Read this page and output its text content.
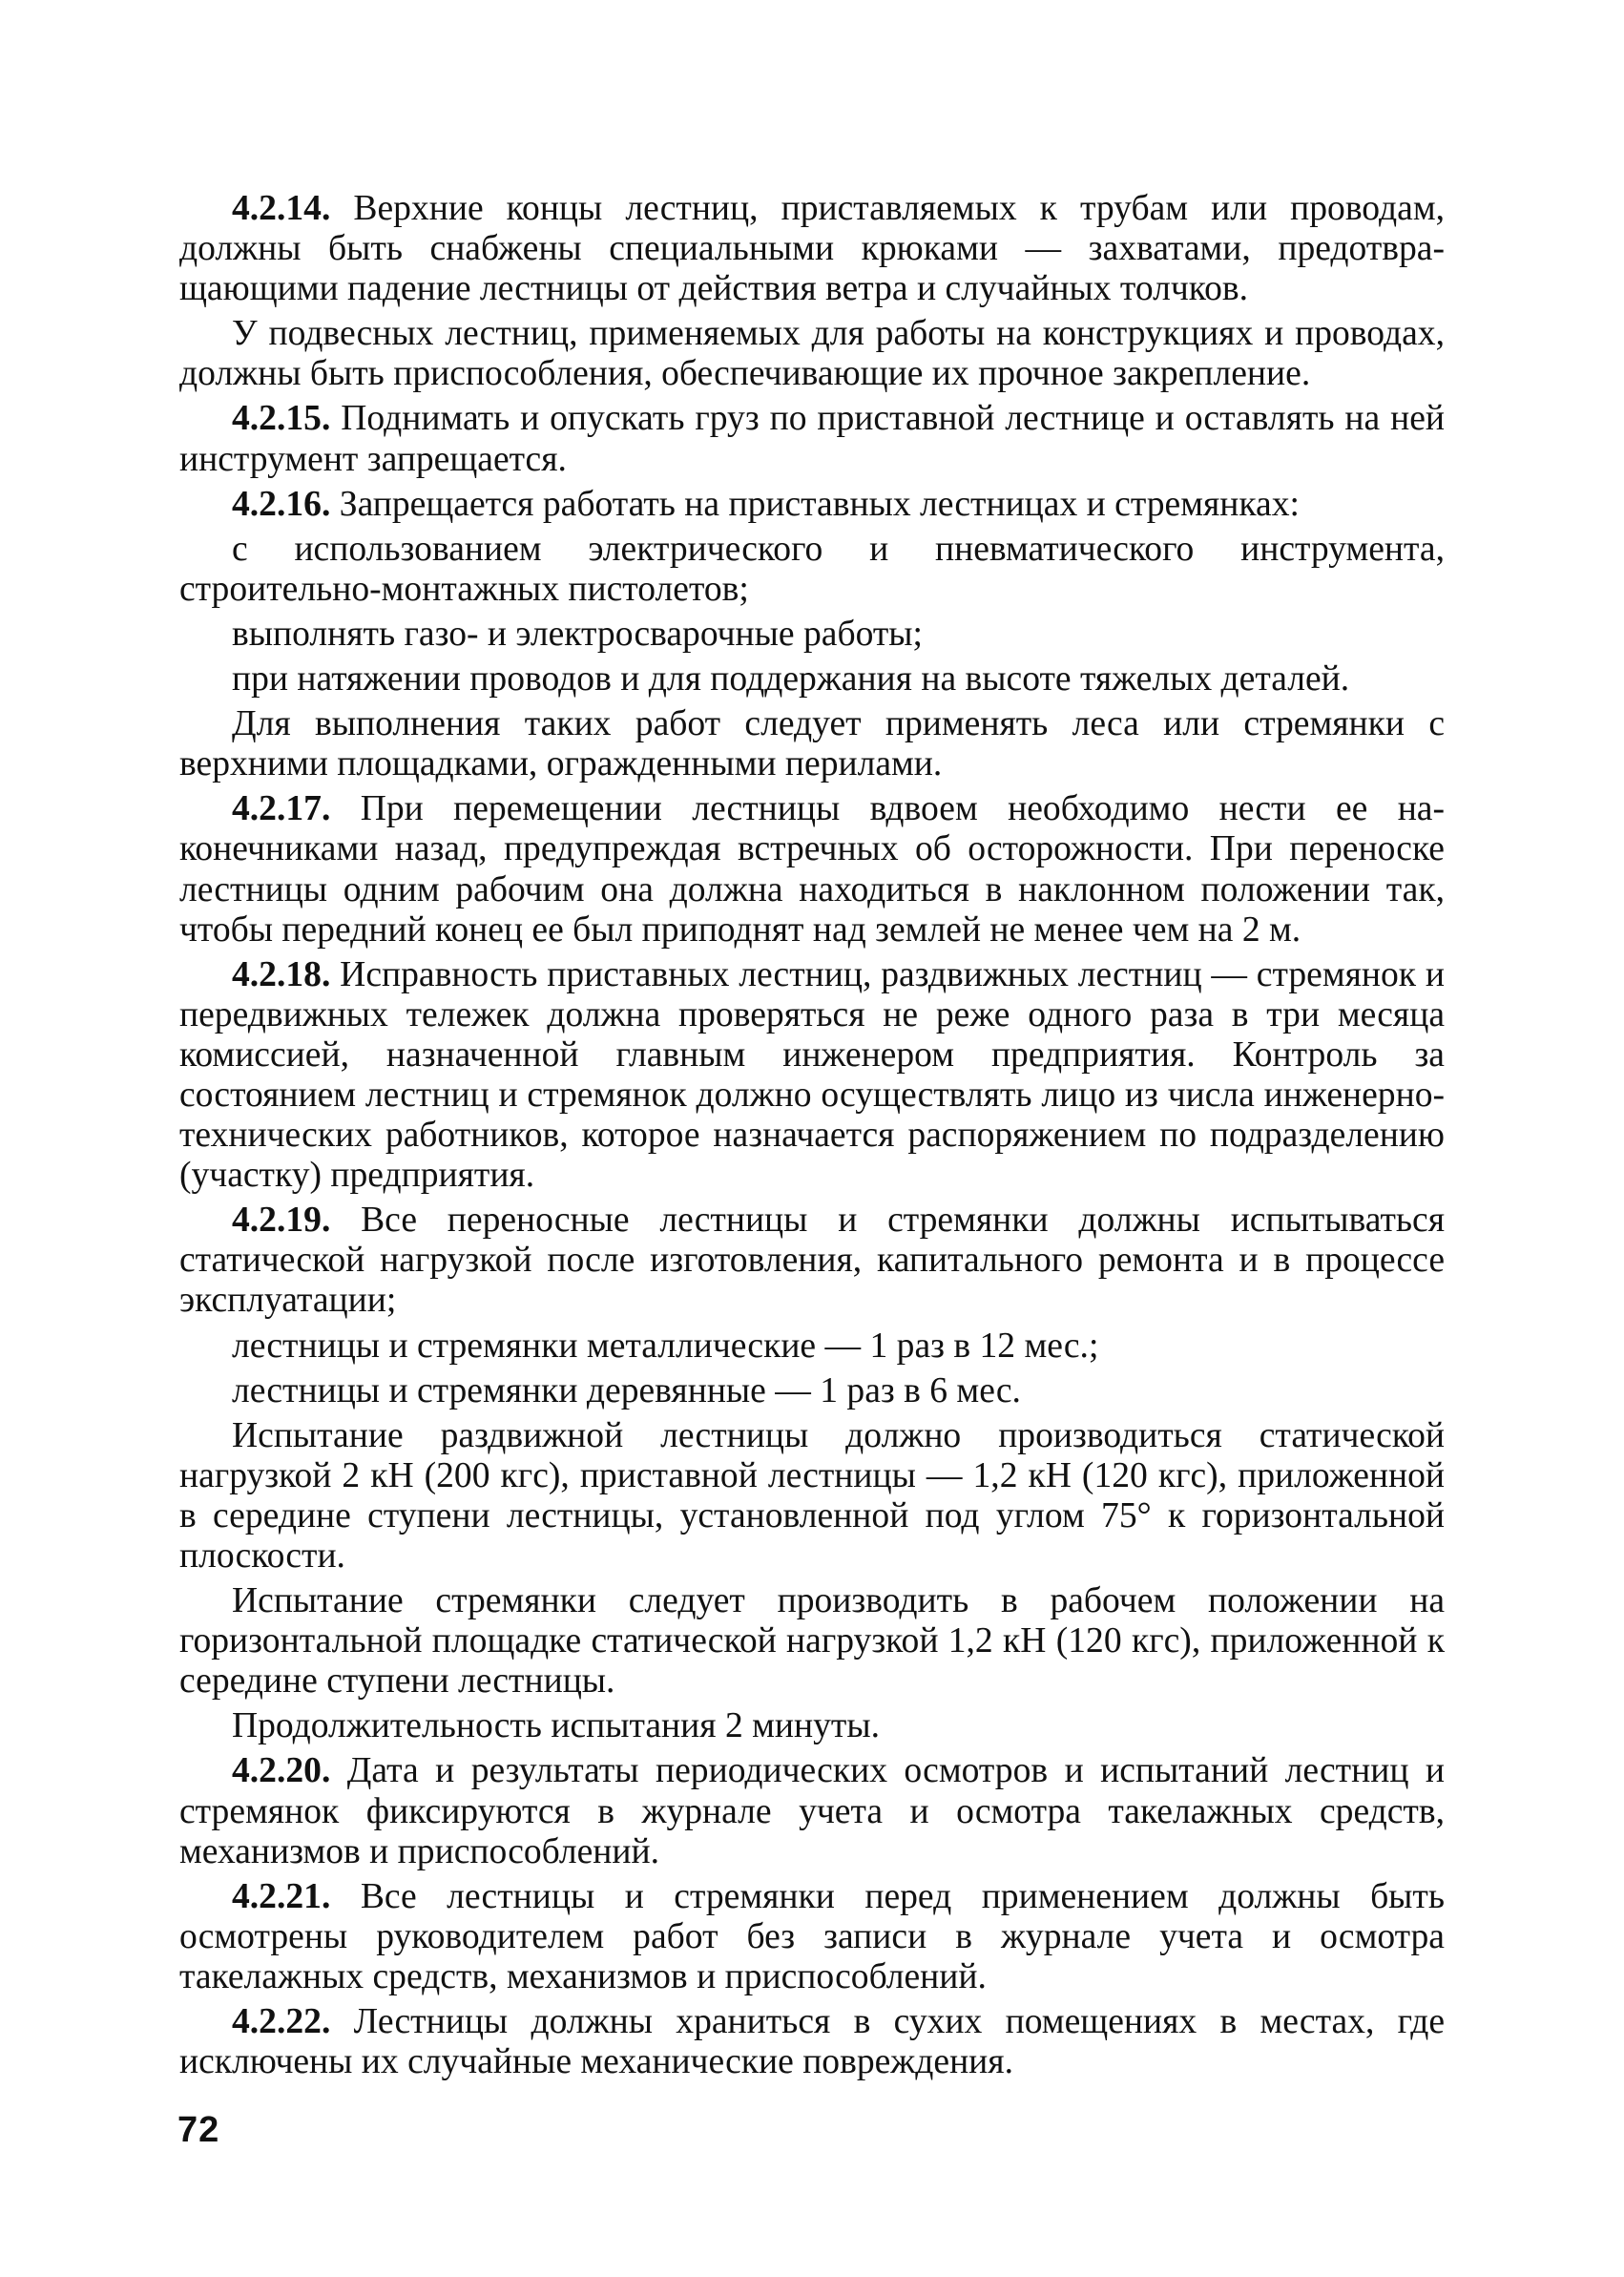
4.2.14. Верхние концы лестниц, приставляемых к трубам или проводам, должны быть снабжены специальными крюками — захватами, предотвращающими падение лестницы от действия ветра и случайных толчков.

У подвесных лестниц, применяемых для работы на конструкциях и проводах, должны быть приспособления, обеспечивающие их прочное закрепление.

4.2.15. Поднимать и опускать груз по приставной лестнице и оставлять на ней инструмент запрещается.

4.2.16. Запрещается работать на приставных лестницах и стремянках:

с использованием электрического и пневматического инструмента, строительно-монтажных пистолетов;

выполнять газо- и электросварочные работы;

при натяжении проводов и для поддержания на высоте тяжелых деталей.

Для выполнения таких работ следует применять леса или стремянки с верхними площадками, огражденными перилами.

4.2.17. При перемещении лестницы вдвоем необходимо нести ее наконечниками назад, предупреждая встречных об осторожности. При переноске лестницы одним рабочим она должна находиться в наклонном положении так, чтобы передний конец ее был приподнят над землей не менее чем на 2 м.

4.2.18. Исправность приставных лестниц, раздвижных лестниц — стремянок и передвижных тележек должна проверяться не реже одного раза в три месяца комиссией, назначенной главным инженером предприятия. Контроль за состоянием лестниц и стремянок должно осуществлять лицо из числа инженерно-технических работников, которое назначается распоряжением по подразделению (участку) предприятия.

4.2.19. Все переносные лестницы и стремянки должны испытываться статической нагрузкой после изготовления, капитального ремонта и в процессе эксплуатации;

лестницы и стремянки металлические — 1 раз в 12 мес.;

лестницы и стремянки деревянные — 1 раз в 6 мес.

Испытание раздвижной лестницы должно производиться статической нагрузкой 2 кН (200 кгс), приставной лестницы — 1,2 кН (120 кгс), приложенной в середине ступени лестницы, установленной под углом 75° к горизонтальной плоскости.

Испытание стремянки следует производить в рабочем положении на горизонтальной площадке статической нагрузкой 1,2 кН (120 кгс), приложенной к середине ступени лестницы.

Продолжительность испытания 2 минуты.

4.2.20. Дата и результаты периодических осмотров и испытаний лестниц и стремянок фиксируются в журнале учета и осмотра такелажных средств, механизмов и приспособлений.

4.2.21. Все лестницы и стремянки перед применением должны быть осмотрены руководителем работ без записи в журнале учета и осмотра такелажных средств, механизмов и приспособлений.

4.2.22. Лестницы должны храниться в сухих помещениях в местах, где исключены их случайные механические повреждения.

72
